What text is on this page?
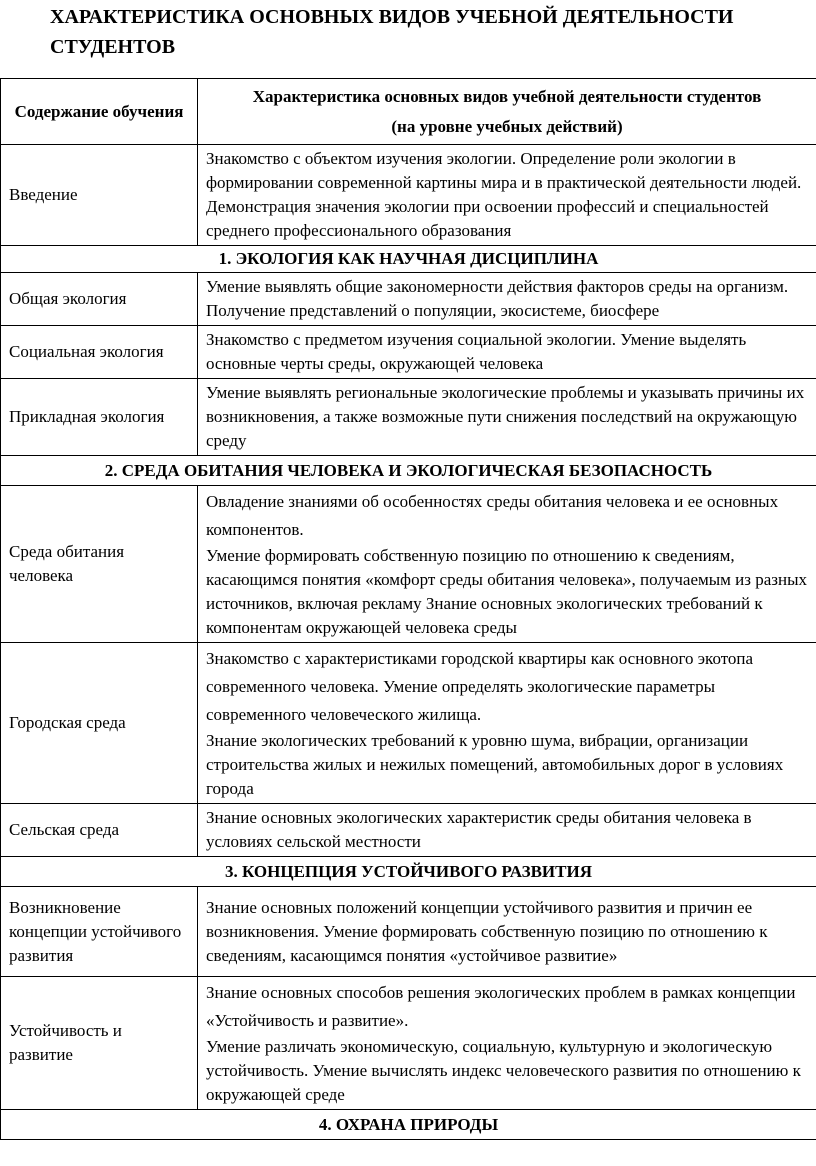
ХАРАКТЕРИСТИКА ОСНОВНЫХ ВИДОВ УЧЕБНОЙ ДЕЯТЕЛЬНОСТИ СТУДЕНТОВ
Содержание обучения	Характеристика основных видов учебной деятельности студентов
(на уровне учебных действий)

Введение	Знакомство с объектом изучения экологии. Определение роли экологии в формировании современной картины мира и в практической деятельности людей. Демонстрация значения экологии при освоении профессий и специальностей среднего профессионального образования
1. ЭКОЛОГИЯ КАК НАУЧНАЯ ДИСЦИПЛИНА	
Общая экология	Умение выявлять общие закономерности действия факторов среды на организм. Получение представлений о популяции, экосистеме, биосфере

Социальная экология	Знакомство с предметом изучения социальной экологии. Умение выделять основные черты среды, окружающей человека

Прикладная экология	Умение выявлять региональные экологические проблемы и указывать причины их возникновения, а также возможные пути снижения последствий на окружающую среду

2. СРЕДА ОБИТАНИЯ ЧЕЛОВЕКА И ЭКОЛОГИЧЕСКАЯ БЕЗОПАСНОСТЬ	
Среда обитания человека	Овладение знаниями об особенностях среды обитания человека и ее основных компонентов.
Умение формировать собственную позицию по отношению к сведениям, касающимся понятия «комфорт среды обитания человека», получаемым из разных источников, включая рекламу Знание основных экологических требований к компонентам окружающей человека среды

Городская среда	Знакомство с характеристиками городской квартиры как основного экотопа современного человека. Умение определять экологические параметры современного человеческого жилища.
Знание экологических требований к уровню шума, вибрации, организации строительства жилых и нежилых помещений, автомобильных дорог в условиях города

Сельская среда	Знание основных экологических характеристик среды обитания человека в условиях сельской местности

3. КОНЦЕПЦИЯ УСТОЙЧИВОГО РАЗВИТИЯ	
Возникновение концепции устойчивого развития	Знание основных положений концепции устойчивого развития и причин ее возникновения. Умение формировать собственную позицию по отношению к сведениям, касающимся понятия «устойчивое развитие»

Устойчивость и развитие	Знание основных способов решения экологических проблем в рамках концепции «Устойчивость и развитие».
Умение различать экономическую, социальную, культурную и экологическую устойчивость. Умение вычислять индекс человеческого развития по отношению к окружающей среде

4. ОХРАНА ПРИРОДЫ	
